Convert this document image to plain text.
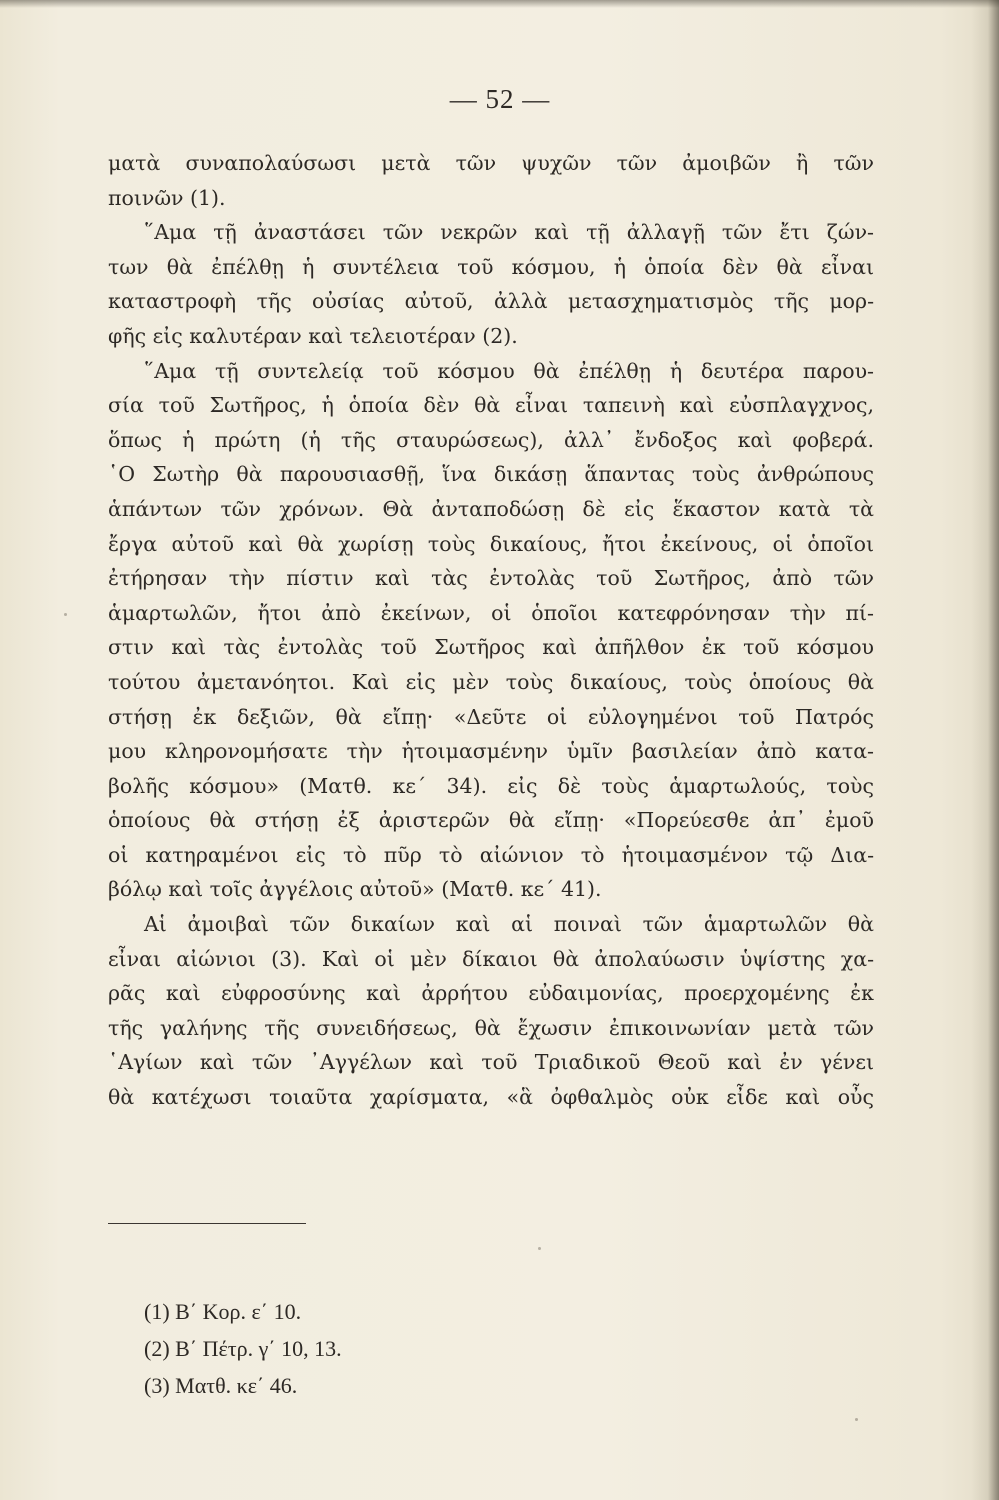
— 52 —
ματὰ συναπολαύσωσι μετὰ τῶν ψυχῶν τῶν ἀμοιβῶν ἢ τῶν
ποινῶν (1).
῞Αμα τῇ ἀναστάσει τῶν νεκρῶν καὶ τῇ ἀλλαγῇ τῶν ἔτι ζών-
των θὰ ἐπέλθῃ ἡ συντέλεια τοῦ κόσμου, ἡ ὁποία δὲν θὰ εἶναι
καταστροφὴ τῆς οὐσίας αὐτοῦ, ἀλλὰ μετασχηματισμὸς τῆς μορ-
φῆς εἰς καλυτέραν καὶ τελειοτέραν (2).
῞Αμα τῇ συντελείᾳ τοῦ κόσμου θὰ ἐπέλθῃ ἡ δευτέρα παρου-
σία τοῦ Σωτῆρος, ἡ ὁποία δὲν θὰ εἶναι ταπεινὴ καὶ εὐσπλαγχνος,
ὅπως ἡ πρώτη (ἡ τῆς σταυρώσεως), ἀλλ᾽ ἔνδοξος καὶ φοβερά.
῾Ο Σωτὴρ θὰ παρουσιασθῇ, ἵνα δικάσῃ ἅπαντας τοὺς ἀνθρώπους
ἁπάντων τῶν χρόνων. Θὰ ἀνταποδώσῃ δὲ εἰς ἕκαστον κατὰ τὰ
ἔργα αὐτοῦ καὶ θὰ χωρίσῃ τοὺς δικαίους, ἤτοι ἐκείνους, οἱ ὁποῖοι
ἐτήρησαν τὴν πίστιν καὶ τὰς ἐντολὰς τοῦ Σωτῆρος, ἀπὸ τῶν
ἁμαρτωλῶν, ἤτοι ἀπὸ ἐκείνων, οἱ ὁποῖοι κατεφρόνησαν τὴν πί-
στιν καὶ τὰς ἐντολὰς τοῦ Σωτῆρος καὶ ἀπῆλθον ἐκ τοῦ κόσμου
τούτου ἀμετανόητοι. Καὶ εἰς μὲν τοὺς δικαίους, τοὺς ὁποίους θὰ
στήσῃ ἐκ δεξιῶν, θὰ εἴπῃ· «Δεῦτε οἱ εὐλογημένοι τοῦ Πατρός
μου κληρονομήσατε τὴν ἡτοιμασμένην ὑμῖν βασιλείαν ἀπὸ κατα-
βολῆς κόσμου» (Ματθ. κε΄ 34). εἰς δὲ τοὺς ἁμαρτωλούς, τοὺς
ὁποίους θὰ στήσῃ ἐξ ἀριστερῶν θὰ εἴπῃ· «Πορεύεσθε ἀπ᾽ ἐμοῦ
οἱ κατηραμένοι εἰς τὸ πῦρ τὸ αἰώνιον τὸ ἡτοιμασμένον τῷ Δια-
βόλῳ καὶ τοῖς ἀγγέλοις αὐτοῦ» (Ματθ. κε΄ 41).
Αἱ ἀμοιβαὶ τῶν δικαίων καὶ αἱ ποιναὶ τῶν ἁμαρτωλῶν θὰ
εἶναι αἰώνιοι (3). Καὶ οἱ μὲν δίκαιοι θὰ ἀπολαύωσιν ὑψίστης χα-
ρᾶς καὶ εὐφροσύνης καὶ ἀρρήτου εὐδαιμονίας, προερχομένης ἐκ
τῆς γαλήνης τῆς συνειδήσεως, θὰ ἔχωσιν ἐπικοινωνίαν μετὰ τῶν
῾Αγίων καὶ τῶν ᾿Αγγέλων καὶ τοῦ Τριαδικοῦ Θεοῦ καὶ ἐν γένει
θὰ κατέχωσι τοιαῦτα χαρίσματα, «ἃ ὀφθαλμὸς οὐκ εἶδε καὶ οὖς
(1) Β΄ Κορ. ε΄ 10.
(2) Β΄ Πέτρ. γ΄ 10, 13.
(3) Ματθ. κε΄ 46.
